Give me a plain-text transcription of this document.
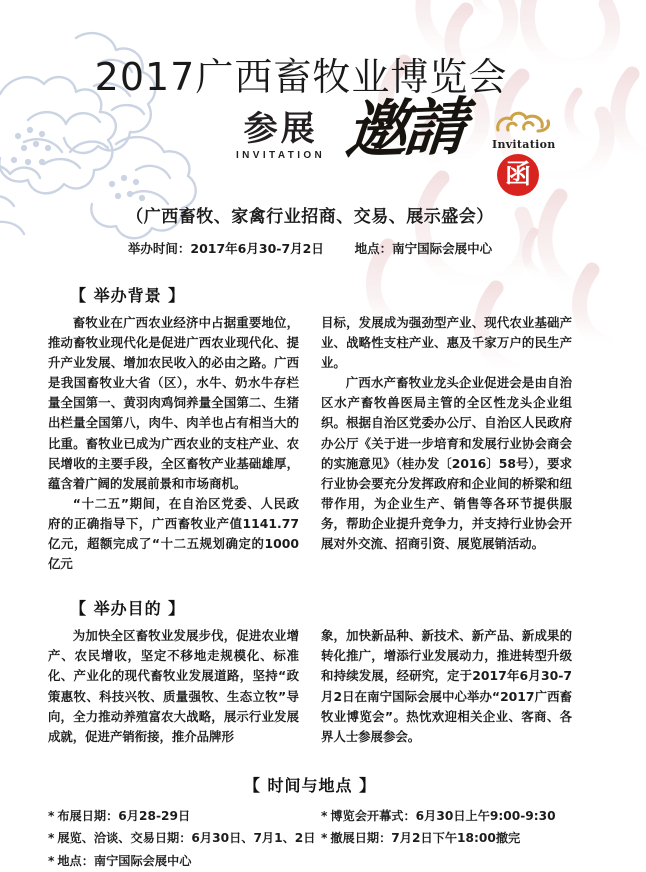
2017广西畜牧业博览会
参展
INVITATION 邀請 Invitation
函
（广西畜牧、家禽行业招商、交易、展示盛会）
举办时间：2017年6月30-7月2日 地点：南宁国际会展中心
【 举办背景 】

畜牧业在广西农业经济中占据重要地位，推动畜牧业现代化是促进广西农业现代化、提升产业发展、增加农民收入的必由之路。广西是我国畜牧业大省（区），水牛、奶水牛存栏量全国第一、黄羽肉鸡饲养量全国第二、生猪出栏量全国第八，肉牛、肉羊也占有相当大的比重。畜牧业已成为广西农业的支柱产业、农民增收的主要手段，全区畜牧产业基础雄厚，蕴含着广阔的发展前景和市场商机。

“十二五”期间，在自治区党委、人民政府的正确指导下，广西畜牧业产值1141.77亿元，超额完成了“十二五规划确定的1000亿元

目标，发展成为强劲型产业、现代农业基础产业、战略性支柱产业、惠及千家万户的民生产业。

广西水产畜牧业龙头企业促进会是由自治区水产畜牧兽医局主管的全区性龙头企业组织。根据自治区党委办公厅、自治区人民政府办公厅《关于进一步培育和发展行业协会商会的实施意见》（桂办发〔2016〕58号），要求行业协会要充分发挥政府和企业间的桥梁和纽带作用，为企业生产、销售等各环节提供服务，帮助企业提升竞争力，并支持行业协会开展对外交流、招商引资、展览展销活动。

【 举办目的 】

为加快全区畜牧业发展步伐，促进农业增产、农民增收，坚定不移地走规模化、标准化、产业化的现代畜牧业发展道路，坚持“政策惠牧、科技兴牧、质量强牧、生态立牧”导向，全力推动养殖富农大战略，展示行业发展成就，促进产销衔接，推介品牌形

象，加快新品种、新技术、新产品、新成果的转化推广，增添行业发展动力，推进转型升级和持续发展，经研究，定于2017年6月30-7月2日在南宁国际会展中心举办“2017广西畜牧业博览会”。热忱欢迎相关企业、客商、各界人士参展参会。

【 时间与地点 】
* 布展日期：6月28-29日
* 展览、洽谈、交易日期：6月30日、7月1、2日
* 地点：南宁国际会展中心
* 博览会开幕式：6月30日上午9:00-9:30
* 撤展日期：7月2日下午18:00撤完
